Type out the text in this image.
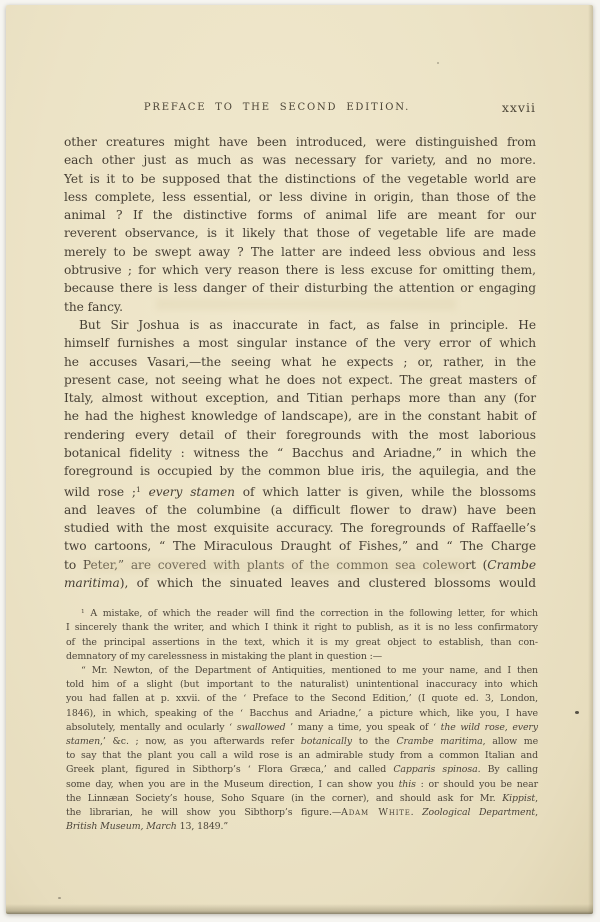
PREFACE TO THE SECOND EDITION.	xxvii
other creatures might have been introduced, were distinguished from
each other just as much as was necessary for variety, and no more.
Yet is it to be supposed that the distinctions of the vegetable world are
less complete, less essential, or less divine in origin, than those of the
animal ? If the distinctive forms of animal life are meant for our
reverent observance, is it likely that those of vegetable life are made
merely to be swept away ? The latter are indeed less obvious and less
obtrusive ; for which very reason there is less excuse for omitting them,
because there is less danger of their disturbing the attention or engaging
the fancy.
But Sir Joshua is as inaccurate in fact, as false in principle. He
himself furnishes a most singular instance of the very error of which
he accuses Vasari,—the seeing what he expects ; or, rather, in the
present case, not seeing what he does not expect. The great masters of
Italy, almost without exception, and Titian perhaps more than any (for
he had the highest knowledge of landscape), are in the constant habit of
rendering every detail of their foregrounds with the most laborious
botanical fidelity : witness the “ Bacchus and Ariadne,” in which the
foreground is occupied by the common blue iris, the aquilegia, and the
wild rose ;$^1$ every stamen of which latter is given, while the blossoms
and leaves of the columbine (a difficult flower to draw) have been
studied with the most exquisite accuracy. The foregrounds of Raffaelle’s
two cartoons, “ The Miraculous Draught of Fishes,” and “ The Charge
to Peter,” are covered with plants of the common sea colewort (Crambe
maritima), of which the sinuated leaves and clustered blossoms would
$^1$ A mistake, of which the reader will find the correction in the following letter, for which
I sincerely thank the writer, and which I think it right to publish, as it is no less confirmatory
of the principal assertions in the text, which it is my great object to establish, than con-
demnatory of my carelessness in mistaking the plant in question :—
“ Mr. Newton, of the Department of Antiquities, mentioned to me your name, and I then
told him of a slight (but important to the naturalist) unintentional inaccuracy into which
you had fallen at p. xxvii. of the ‘ Preface to the Second Edition,’ (I quote ed. 3, London,
1846), in which, speaking of the ‘ Bacchus and Ariadne,’ a picture which, like you, I have
absolutely, mentally and ocularly ‘ swallowed ’ many a time, you speak of ‘ the wild rose, every
stamen,’ &c. ; now, as you afterwards refer botanically to the Crambe maritima, allow me
to say that the plant you call a wild rose is an admirable study from a common Italian and
Greek plant, figured in Sibthorp’s ‘ Flora Græca,’ and called Capparis spinosa. By calling
some day, when you are in the Museum direction, I can show you this : or should you be near
the Linnæan Society’s house, Soho Square (in the corner), and should ask for Mr. Kippist,
the librarian, he will show you Sibthorp’s figure.—Adam White. Zoological Department,
British Museum, March 13, 1849.”
